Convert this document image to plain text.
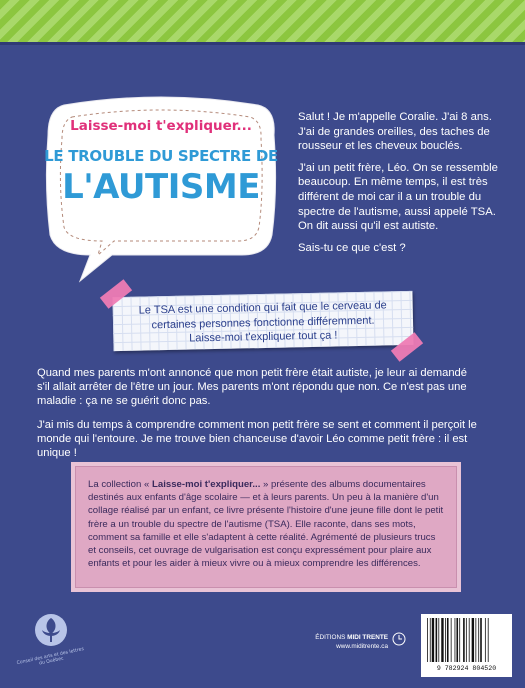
Laisse-moi t'expliquer...
LE TROUBLE DU SPECTRE DE
L'AUTISME

Salut ! Je m'appelle Coralie. J'ai 8 ans. J'ai de grandes oreilles, des taches de rousseur et les cheveux bouclés.

J'ai un petit frère, Léo. On se ressemble beaucoup. En même temps, il est très différent de moi car il a un trouble du spectre de l'autisme, aussi appelé TSA. On dit aussi qu'il est autiste.

Sais-tu ce que c'est ?

Le TSA est une condition qui fait que le cerveau de
certaines personnes fonctionne différemment.
Laisse-moi t'expliquer tout ça !

Quand mes parents m'ont annoncé que mon petit frère était autiste, je leur ai demandé s'il allait arrêter de l'être un jour. Mes parents m'ont répondu que non. Ce n'est pas une maladie : ça ne se guérit donc pas.

J'ai mis du temps à comprendre comment mon petit frère se sent et comment il perçoit le monde qui l'entoure. Je me trouve bien chanceuse d'avoir Léo comme petit frère : il est unique !

La collection « Laisse-moi t'expliquer... » présente des albums documentaires destinés aux enfants d'âge scolaire — et à leurs parents. Un peu à la manière d'un collage réalisé par un enfant, ce livre présente l'histoire d'une jeune fille dont le petit frère a un trouble du spectre de l'autisme (TSA). Elle raconte, dans ses mots, comment sa famille et elle s'adaptent à cette réalité. Agrémenté de plusieurs trucs et conseils, cet ouvrage de vulgarisation est conçu expressément pour plaire aux enfants et pour les aider à mieux vivre ou à mieux comprendre les différences.
Conseil des arts et des lettres du Québec
ÉDITIONS MIDI TRENTE
www.miditrente.ca
9 782924 804520
